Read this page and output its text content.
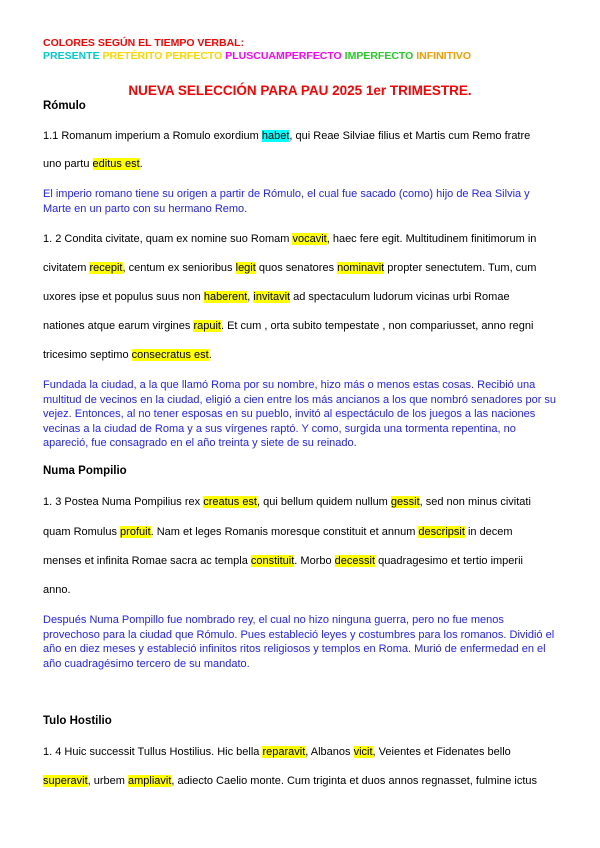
COLORES SEGÚN EL TIEMPO VERBAL:
PRESENTE PRETÉRITO PERFECTO PLUSCUAMPERFECTO IMPERFECTO INFINITIVO
NUEVA SELECCIÓN PARA PAU 2025 1er TRIMESTRE.
Rómulo
1.1 Romanum imperium a Romulo exordium habet, qui Reae Silviae filius et Martis cum Remo fratre
uno partu editus est.
El imperio romano tiene su origen a partir de Rómulo, el cual fue sacado (como) hijo de Rea Silvia y Marte en un parto con su hermano Remo.
1. 2 Condita civitate, quam ex nomine suo Romam vocavit, haec fere egit. Multitudinem finitimorum in
civitatem recepit, centum ex senioribus legit quos senatores nominavit propter senectutem. Tum, cum
uxores ipse et populus suus non haberent, invitavit ad spectaculum ludorum vicinas urbi Romae
nationes atque earum virgines rapuit. Et cum , orta subito tempestate , non compariusset, anno regni
tricesimo septimo consecratus est.
Fundada la ciudad, a la que llamó Roma por su nombre, hizo más o menos estas cosas. Recibió una multitud de vecinos en la ciudad, eligió a cien entre los más ancianos a los que nombró senadores por su vejez. Entonces, al no tener esposas en su pueblo, invitó al espectáculo de los juegos a las naciones vecinas a la ciudad de Roma y a sus vírgenes raptó. Y como, surgida una tormenta repentina, no apareció, fue consagrado en el año treinta y siete de su reinado.
Numa Pompilio
1. 3 Postea Numa Pompilius rex creatus est, qui bellum quidem nullum gessit, sed non minus civitati
quam Romulus profuit. Nam et leges Romanis moresque constituit et annum descripsit in decem
menses et infinita Romae sacra ac templa constituit. Morbo decessit quadragesimo et tertio imperii
anno.
Después Numa Pompillo fue nombrado rey, el cual no hizo ninguna guerra, pero no fue menos provechoso para la ciudad que Rómulo. Pues estableció leyes y costumbres para los romanos. Dividió el año en diez meses y estableció infinitos ritos religiosos y templos en Roma. Murió de enfermedad en el año cuadragésimo tercero de su mandato.
Tulo Hostilio
1. 4 Huic successit Tullus Hostilius. Hic bella reparavit, Albanos vicit, Veientes et Fidenates bello
superavit, urbem ampliavit, adiecto Caelio monte. Cum triginta et duos annos regnasset, fulmine ictus
